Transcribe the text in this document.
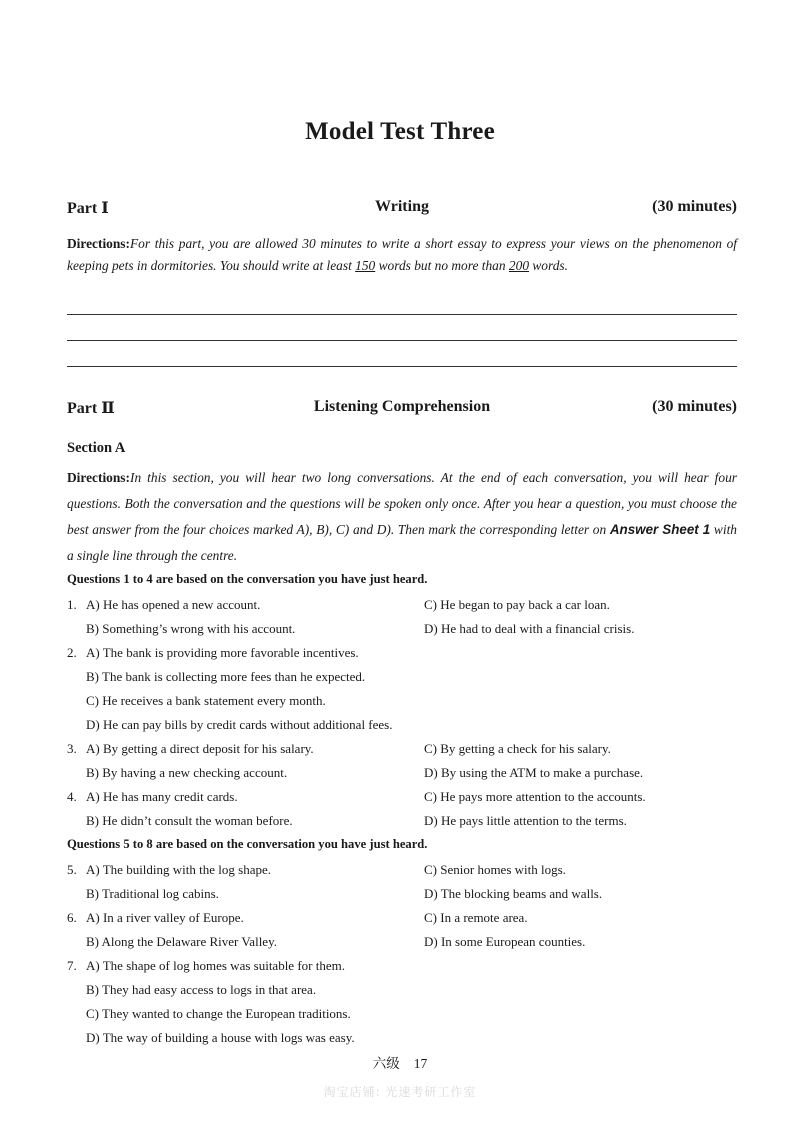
Model Test Three
Part Ⅰ	Writing	(30 minutes)
Directions:For this part, you are allowed 30 minutes to write a short essay to express your views on the phenomenon of keeping pets in dormitories. You should write at least 150 words but no more than 200 words.
Part Ⅱ	Listening Comprehension	(30 minutes)
Section A
Directions:In this section, you will hear two long conversations. At the end of each conversation, you will hear four questions. Both the conversation and the questions will be spoken only once. After you hear a question, you must choose the best answer from the four choices marked A), B), C) and D). Then mark the corresponding letter on Answer Sheet 1 with a single line through the centre.
Questions 1 to 4 are based on the conversation you have just heard.
1. A) He has opened a new account.	C) He began to pay back a car loan.
B) Something’s wrong with his account.	D) He had to deal with a financial crisis.
2. A) The bank is providing more favorable incentives.
B) The bank is collecting more fees than he expected.
C) He receives a bank statement every month.
D) He can pay bills by credit cards without additional fees.
3. A) By getting a direct deposit for his salary.	C) By getting a check for his salary.
B) By having a new checking account.	D) By using the ATM to make a purchase.
4. A) He has many credit cards.	C) He pays more attention to the accounts.
B) He didn’t consult the woman before.	D) He pays little attention to the terms.
Questions 5 to 8 are based on the conversation you have just heard.
5. A) The building with the log shape.	C) Senior homes with logs.
B) Traditional log cabins.	D) The blocking beams and walls.
6. A) In a river valley of Europe.	C) In a remote area.
B) Along the Delaware River Valley.	D) In some European counties.
7. A) The shape of log homes was suitable for them.
B) They had easy access to logs in that area.
C) They wanted to change the European traditions.
D) The way of building a house with logs was easy.
六级 17
淘宝店铺: 光速考研工作室
